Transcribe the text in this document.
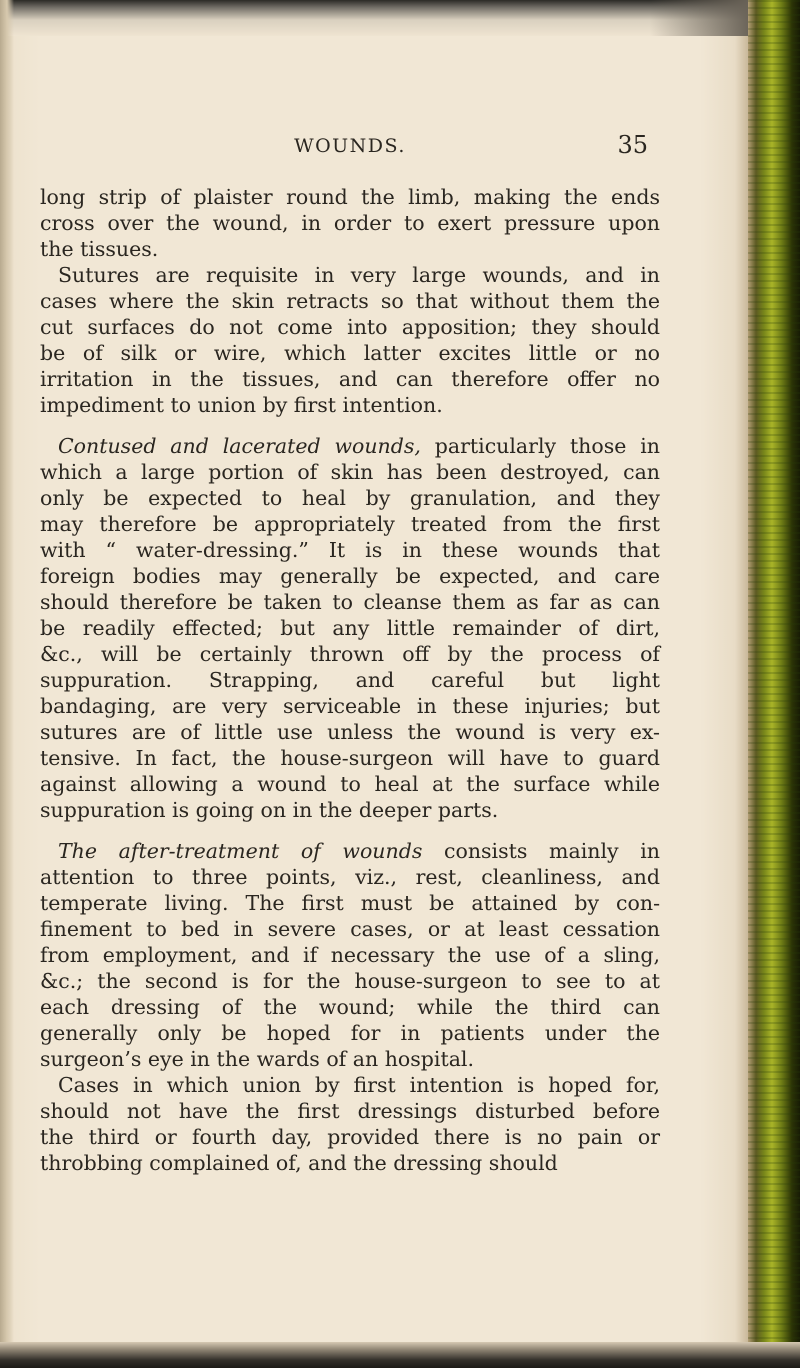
WOUNDS.	35
long strip of plaister round the limb, making the ends
cross over the wound, in order to exert pressure upon
the tissues.
Sutures are requisite in very large wounds, and in
cases where the skin retracts so that without them the
cut surfaces do not come into apposition; they should
be of silk or wire, which latter excites little or no
irritation in the tissues, and can therefore offer no
impediment to union by first intention.
Contused and lacerated wounds, particularly those in
which a large portion of skin has been destroyed, can
only be expected to heal by granulation, and they
may therefore be appropriately treated from the first
with “ water-dressing.” It is in these wounds that
foreign bodies may generally be expected, and care
should therefore be taken to cleanse them as far as can
be readily effected; but any little remainder of dirt,
&c., will be certainly thrown off by the process of
suppuration. Strapping, and careful but light
bandaging, are very serviceable in these injuries; but
sutures are of little use unless the wound is very ex-
tensive. In fact, the house-surgeon will have to guard
against allowing a wound to heal at the surface while
suppuration is going on in the deeper parts.
The after-treatment of wounds consists mainly in
attention to three points, viz., rest, cleanliness, and
temperate living. The first must be attained by con-
finement to bed in severe cases, or at least cessation
from employment, and if necessary the use of a sling,
&c.; the second is for the house-surgeon to see to at
each dressing of the wound; while the third can
generally only be hoped for in patients under the
surgeon’s eye in the wards of an hospital.
Cases in which union by first intention is hoped for,
should not have the first dressings disturbed before
the third or fourth day, provided there is no pain or
throbbing complained of, and the dressing should
